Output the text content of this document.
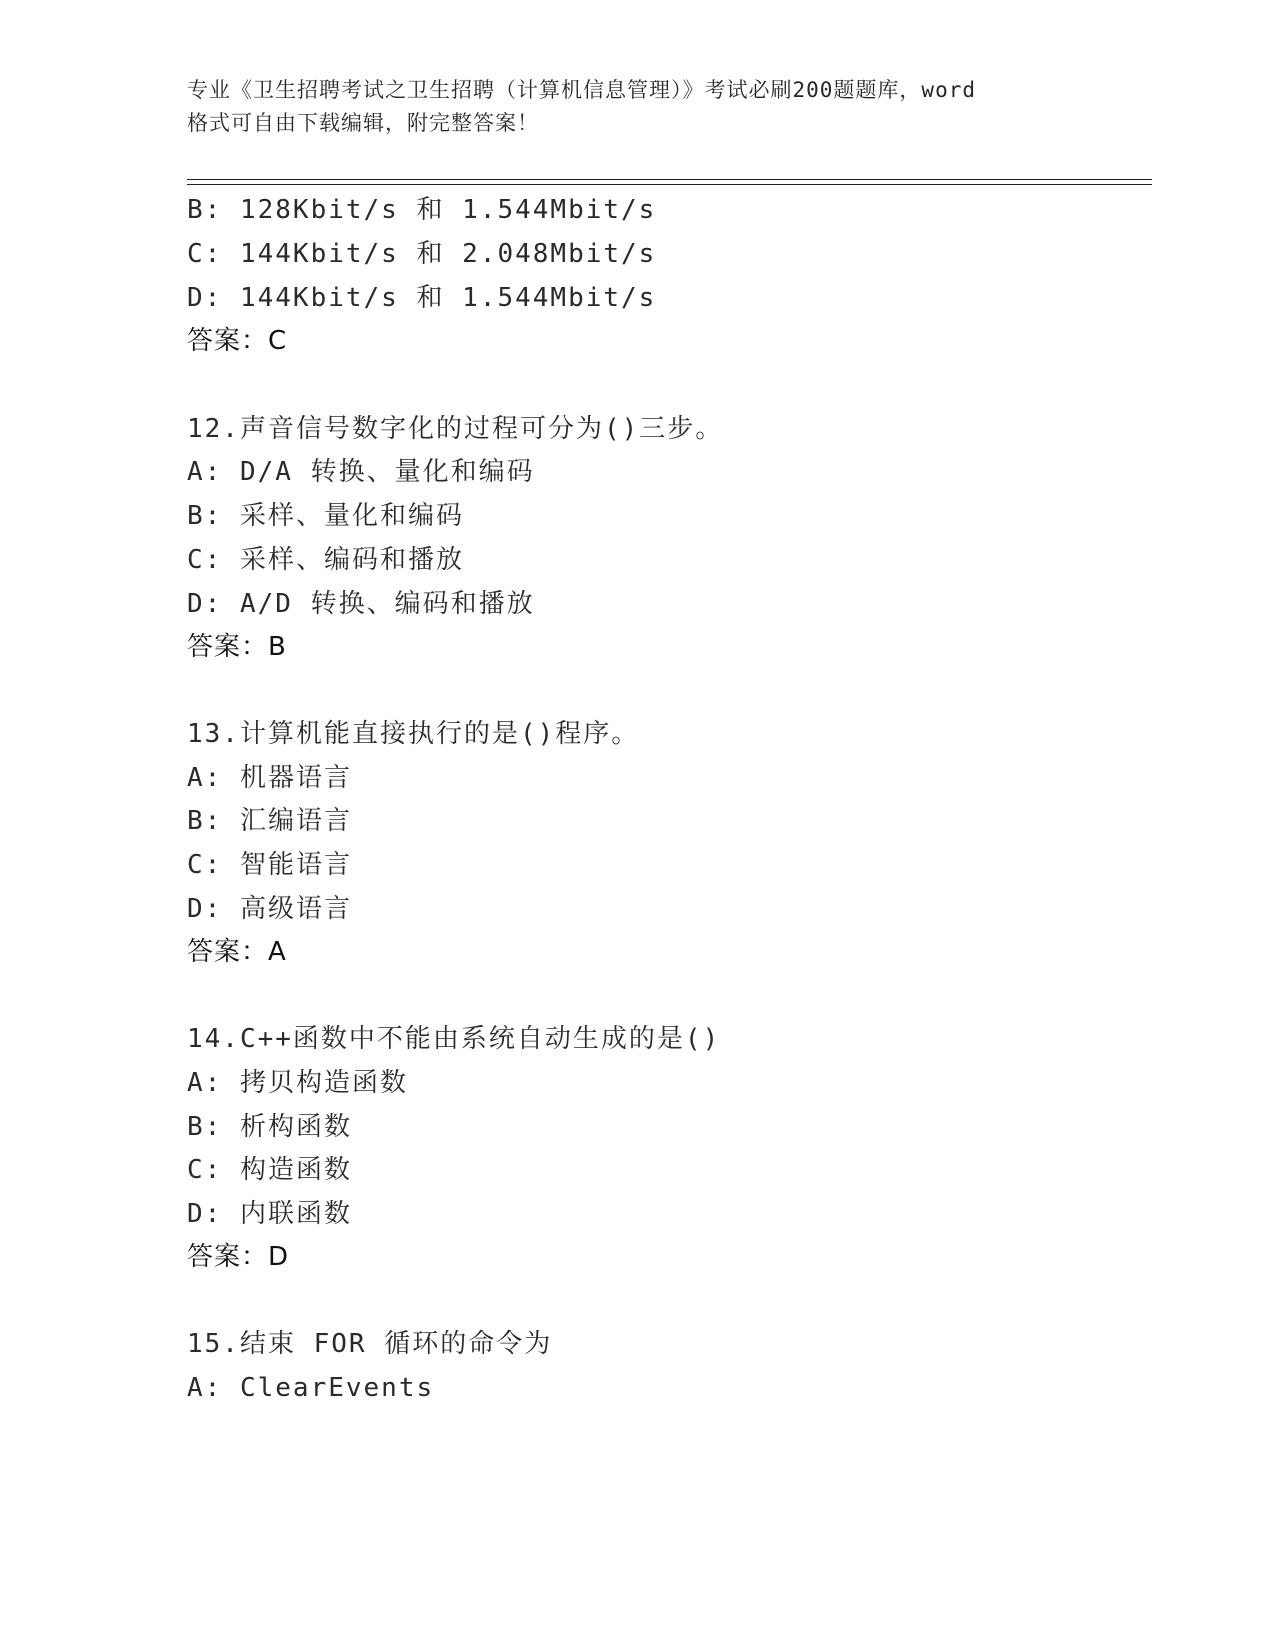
专业《卫生招聘考试之卫生招聘（计算机信息管理）》考试必刷200题题库，word
格式可自由下载编辑，附完整答案！
B: 128Kbit/s 和 1.544Mbit/s
C: 144Kbit/s 和 2.048Mbit/s
D: 144Kbit/s 和 1.544Mbit/s
答案：C
12.声音信号数字化的过程可分为()三步。
A: D/A 转换、量化和编码
B: 采样、量化和编码
C: 采样、编码和播放
D: A/D 转换、编码和播放
答案：B
13.计算机能直接执行的是()程序。
A: 机器语言
B: 汇编语言
C: 智能语言
D: 高级语言
答案：A
14.C++函数中不能由系统自动生成的是()
A: 拷贝构造函数
B: 析构函数
C: 构造函数
D: 内联函数
答案：D
15.结束 FOR 循环的命令为
A: ClearEvents
